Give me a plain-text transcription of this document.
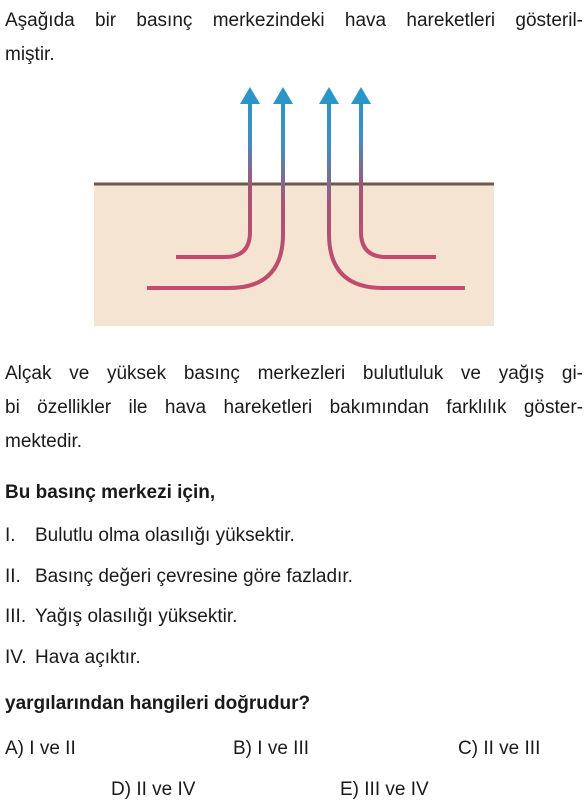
Aşağıda bir basınç merkezindeki hava hareketleri gösteril-
miştir.
Alçak ve yüksek basınç merkezleri bulutluluk ve yağış gi-
bi özellikler ile hava hareketleri bakımından farklılık göster-
mektedir.
Bu basınç merkezi için,
I. Bulutlu olma olasılığı yüksektir.
II. Basınç değeri çevresine göre fazladır.
III. Yağış olasılığı yüksektir.
IV. Hava açıktır.
yargılarından hangileri doğrudur?
A) I ve II	B) I ve III	C) II ve III
D) II ve IV	E) III ve IV
